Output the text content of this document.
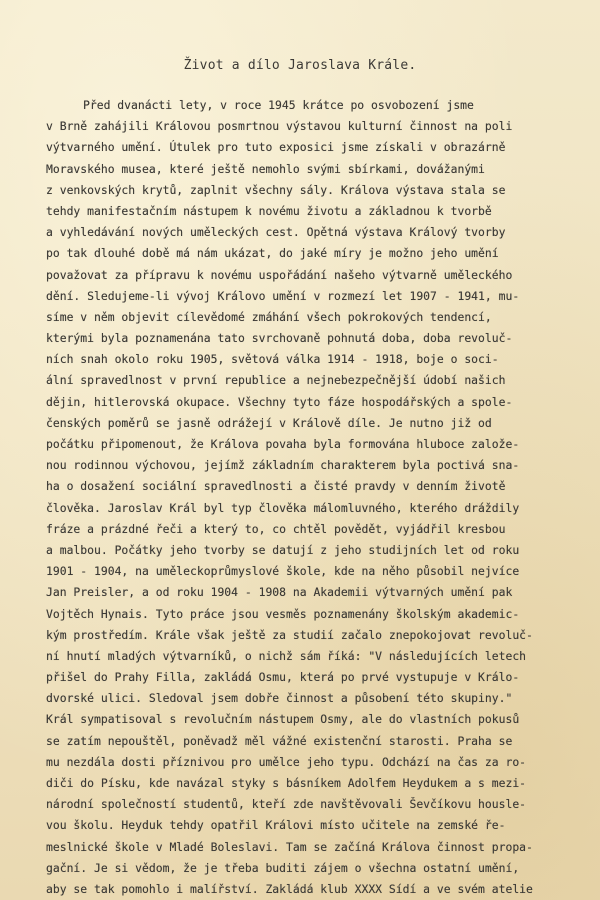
Život a dílo Jaroslava Krále.
Před dvanácti lety, v roce 1945 krátce po osvobození jsme
v Brně zahájili Královou posmrtnou výstavou kulturní činnost na poli
výtvarného umění. Útulek pro tuto exposici jsme získali v obrazárně
Moravského musea, které ještě nemohlo svými sbírkami, dovážanými
z venkovských krytů, zaplnit všechny sály. Králova výstava stala se
tehdy manifestačním nástupem k novému životu a základnou k tvorbě
a vyhledávání nových uměleckých cest. Opětná výstava Králový tvorby
po tak dlouhé době má nám ukázat, do jaké míry je možno jeho umění
považovat za přípravu k novému uspořádání našeho výtvarně uměleckého
dění. Sledujeme-li vývoj Královo umění v rozmezí let 1907 - 1941, mu-
síme v něm objevit cílevědomé zmáhání všech pokrokových tendencí,
kterými byla poznamenána tato svrchovaně pohnutá doba, doba revoluč-
ních snah okolo roku 1905, světová válka 1914 - 1918, boje o soci-
ální spravedlnost v první republice a nejnebezpečnější údobí našich
dějin, hitlerovská okupace. Všechny tyto fáze hospodářských a spole-
čenských poměrů se jasně odrážejí v Králově díle. Je nutno již od
počátku připomenout, že Králova povaha byla formována hluboce založe-
nou rodinnou výchovou, jejímž základním charakterem byla poctivá sna-
ha o dosažení sociální spravedlnosti a čisté pravdy v denním životě
člověka. Jaroslav Král byl typ člověka málomluvného, kterého dráždily
fráze a prázdné řeči a který to, co chtěl povědět, vyjádřil kresbou
a malbou. Počátky jeho tvorby se datují z jeho studijních let od roku
1901 - 1904, na uměleckoprůmyslové škole, kde na něho působil nejvíce
Jan Preisler, a od roku 1904 - 1908 na Akademii výtvarných umění pak
Vojtěch Hynais. Tyto práce jsou vesměs poznamenány školským akademic-
kým prostředím. Krále však ještě za studií začalo znepokojovat revoluč-
ní hnutí mladých výtvarníků, o nichž sám říká: "V následujících letech
přišel do Prahy Filla, zakládá Osmu, která po prvé vystupuje v Králo-
dvorské ulici. Sledoval jsem dobře činnost a působení této skupiny."
Král sympatisoval s revolučním nástupem Osmy, ale do vlastních pokusů
se zatím nepouštěl, poněvadž měl vážné existenční starosti. Praha se
mu nezdála dosti příznivou pro umělce jeho typu. Odchází na čas za ro-
diči do Písku, kde navázal styky s básníkem Adolfem Heydukem a s mezi-
národní společností studentů, kteří zde navštěvovali Ševčíkovu housle-
vou školu. Heyduk tehdy opatřil Královi místo učitele na zemské ře-
meslnické škole v Mladé Boleslavi. Tam se začíná Králova činnost propa-
gační. Je si vědom, že je třeba buditi zájem o všechna ostatní umění,
aby se tak pomohlo i malířství. Zakládá klub XXXX Sídí a ve svém atelie
